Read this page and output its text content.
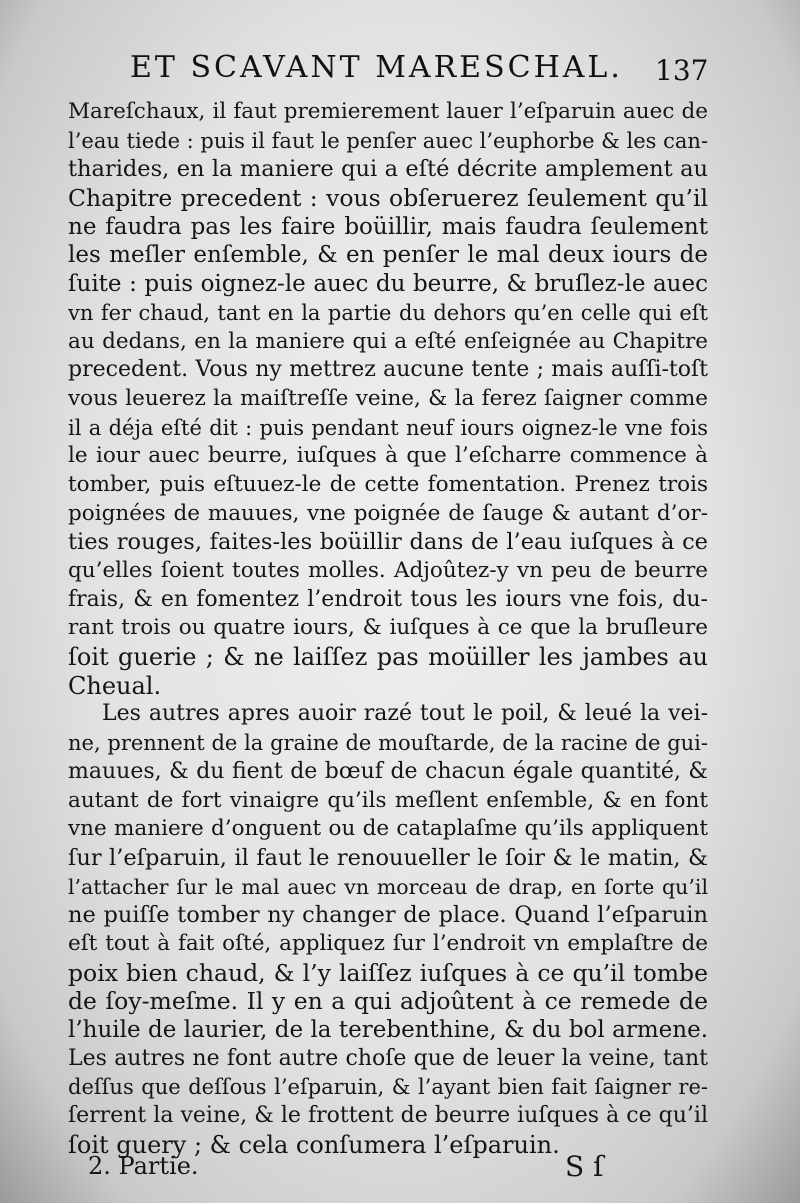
ET SCAVANT MARESCHAL. 137
Mareſchaux, il faut premierement lauer l’eſparuin auec de
l’eau tiede : puis il faut le penſer auec l’euphorbe & les can-
tharides, en la maniere qui a eſté décrite amplement au
Chapitre precedent : vous obſeruerez ſeulement qu’il
ne faudra pas les faire boüillir, mais faudra ſeulement
les meſler enſemble, & en penſer le mal deux iours de
ſuite : puis oignez-le auec du beurre, & bruſlez-le auec
vn fer chaud, tant en la partie du dehors qu’en celle qui eſt
au dedans, en la maniere qui a eſté enſeignée au Chapitre
precedent. Vous ny mettrez aucune tente ; mais auſſi-toſt
vous leuerez la maiſtreſſe veine, & la ferez ſaigner comme
il a déja eſté dit : puis pendant neuf iours oignez-le vne fois
le iour auec beurre, iuſques à que l’eſcharre commence à
tomber, puis eſtuuez-le de cette fomentation. Prenez trois
poignées de mauues, vne poignée de ſauge & autant d’or-
ties rouges, faites-les boüillir dans de l’eau iuſques à ce
qu’elles ſoient toutes molles. Adjoûtez-y vn peu de beurre
frais, & en fomentez l’endroit tous les iours vne fois, du-
rant trois ou quatre iours, & iuſques à ce que la bruſleure
ſoit guerie ; & ne laiſſez pas moüiller les jambes au
Cheual.
Les autres apres auoir razé tout le poil, & leué la vei-
ne, prennent de la graine de mouſtarde, de la racine de gui-
mauues, & du fient de bœuf de chacun égale quantité, &
autant de fort vinaigre qu’ils meſlent enſemble, & en font
vne maniere d’onguent ou de cataplaſme qu’ils appliquent
ſur l’eſparuin, il faut le renouueller le ſoir & le matin, &
l’attacher ſur le mal auec vn morceau de drap, en ſorte qu’il
ne puiſſe tomber ny changer de place. Quand l’eſparuin
eſt tout à fait oſté, appliquez ſur l’endroit vn emplaſtre de
poix bien chaud, & l’y laiſſez iuſques à ce qu’il tombe
de ſoy-meſme. Il y en a qui adjoûtent à ce remede de
l’huile de laurier, de la terebenthine, & du bol armene.
Les autres ne font autre choſe que de leuer la veine, tant
deſſus que deſſous l’eſparuin, & l’ayant bien fait ſaigner re-
ſerrent la veine, & le frottent de beurre iuſques à ce qu’il
ſoit guery ; & cela conſumera l’eſparuin.
2. Partie.	S ſ
